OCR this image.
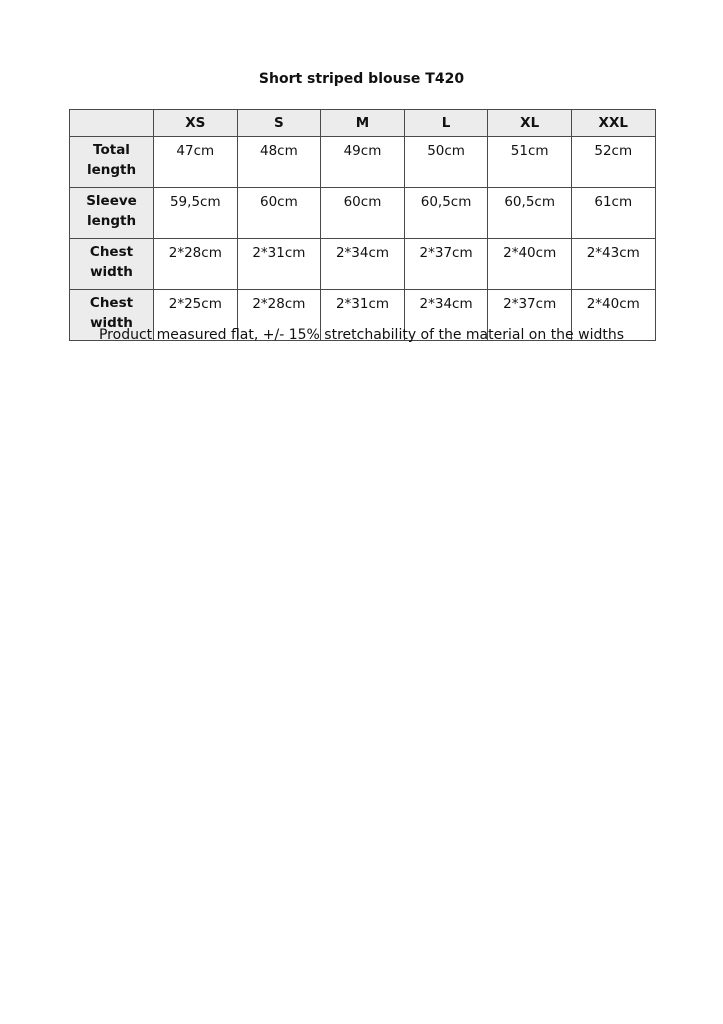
Short striped blouse T420
	XS	S	M	L	XL	XXL

Total
length	47cm	48cm	49cm	50cm	51cm	52cm

Sleeve
length	59,5cm	60cm	60cm	60,5cm	60,5cm	61cm

Chest
width	2*28cm	2*31cm	2*34cm	2*37cm	2*40cm	2*43cm

Chest
width	2*25cm	2*28cm	2*31cm	2*34cm	2*37cm	2*40cm
Product measured flat, +/- 15% stretchability of the material on the widths
